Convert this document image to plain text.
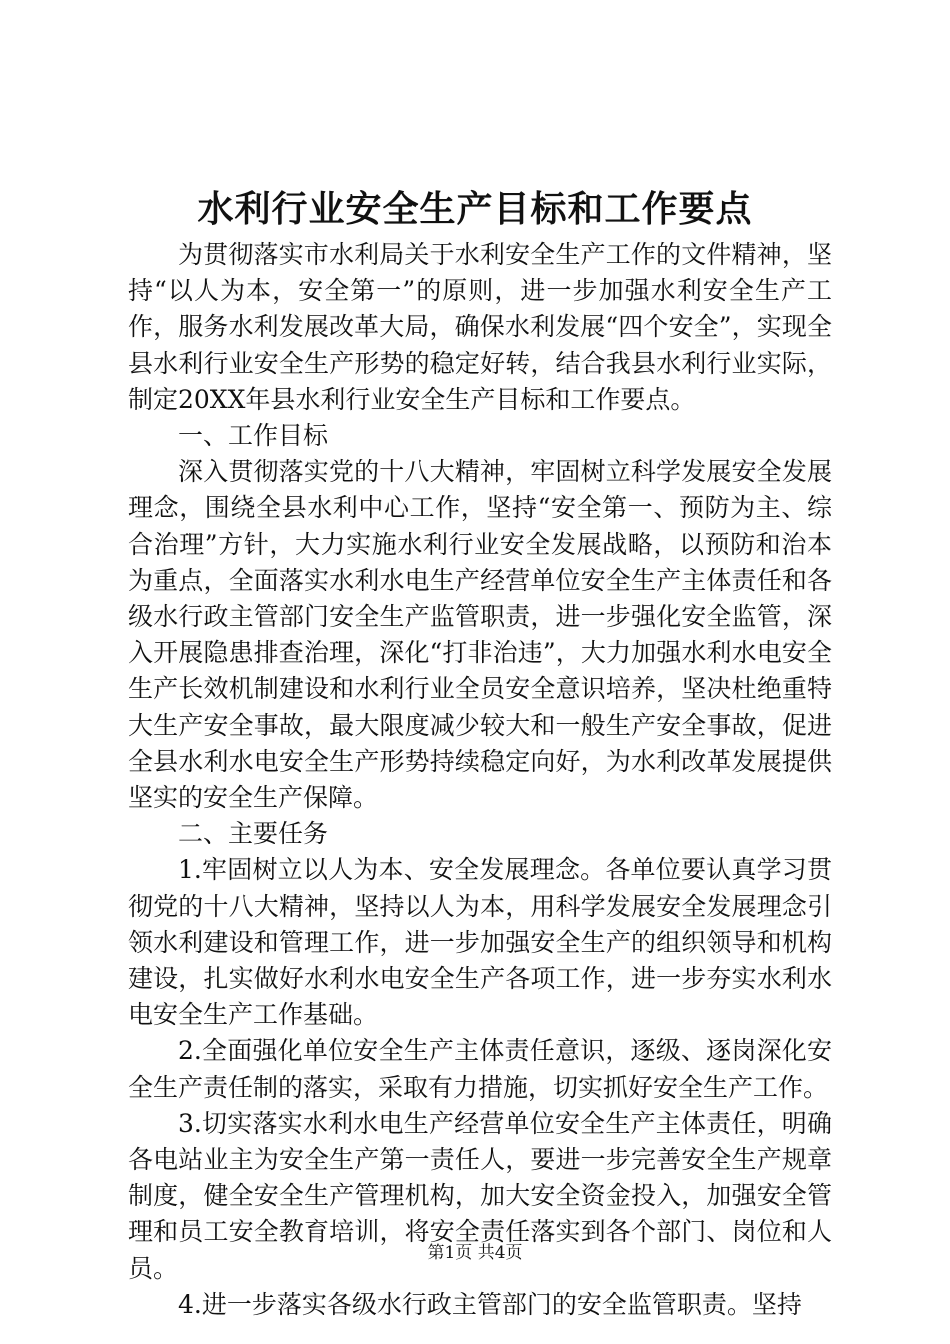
水利行业安全生产目标和工作要点

为贯彻落实市水利局关于水利安全生产工作的文件精神，坚持“以人为本，安全第一”的原则，进一步加强水利安全生产工作，服务水利发展改革大局，确保水利发展“四个安全”，实现全县水利行业安全生产形势的稳定好转，结合我县水利行业实际，制定20XX年县水利行业安全生产目标和工作要点。

一、工作目标

深入贯彻落实党的十八大精神，牢固树立科学发展安全发展理念，围绕全县水利中心工作，坚持“安全第一、预防为主、综合治理”方针，大力实施水利行业安全发展战略，以预防和治本为重点，全面落实水利水电生产经营单位安全生产主体责任和各级水行政主管部门安全生产监管职责，进一步强化安全监管，深入开展隐患排查治理，深化“打非治违”，大力加强水利水电安全生产长效机制建设和水利行业全员安全意识培养，坚决杜绝重特大生产安全事故，最大限度减少较大和一般生产安全事故，促进全县水利水电安全生产形势持续稳定向好，为水利改革发展提供坚实的安全生产保障。

二、主要任务

1.牢固树立以人为本、安全发展理念。各单位要认真学习贯彻党的十八大精神，坚持以人为本，用科学发展安全发展理念引领水利建设和管理工作，进一步加强安全生产的组织领导和机构建设，扎实做好水利水电安全生产各项工作，进一步夯实水利水电安全生产工作基础。

2.全面强化单位安全生产主体责任意识，逐级、逐岗深化安全生产责任制的落实，采取有力措施，切实抓好安全生产工作。

3.切实落实水利水电生产经营单位安全生产主体责任，明确各电站业主为安全生产第一责任人，要进一步完善安全生产规章制度，健全安全生产管理机构，加大安全资金投入，加强安全管理和员工安全教育培训，将安全责任落实到各个部门、岗位和人员。

4.进一步落实各级水行政主管部门的安全监管职责。坚持

第1页 共4页
